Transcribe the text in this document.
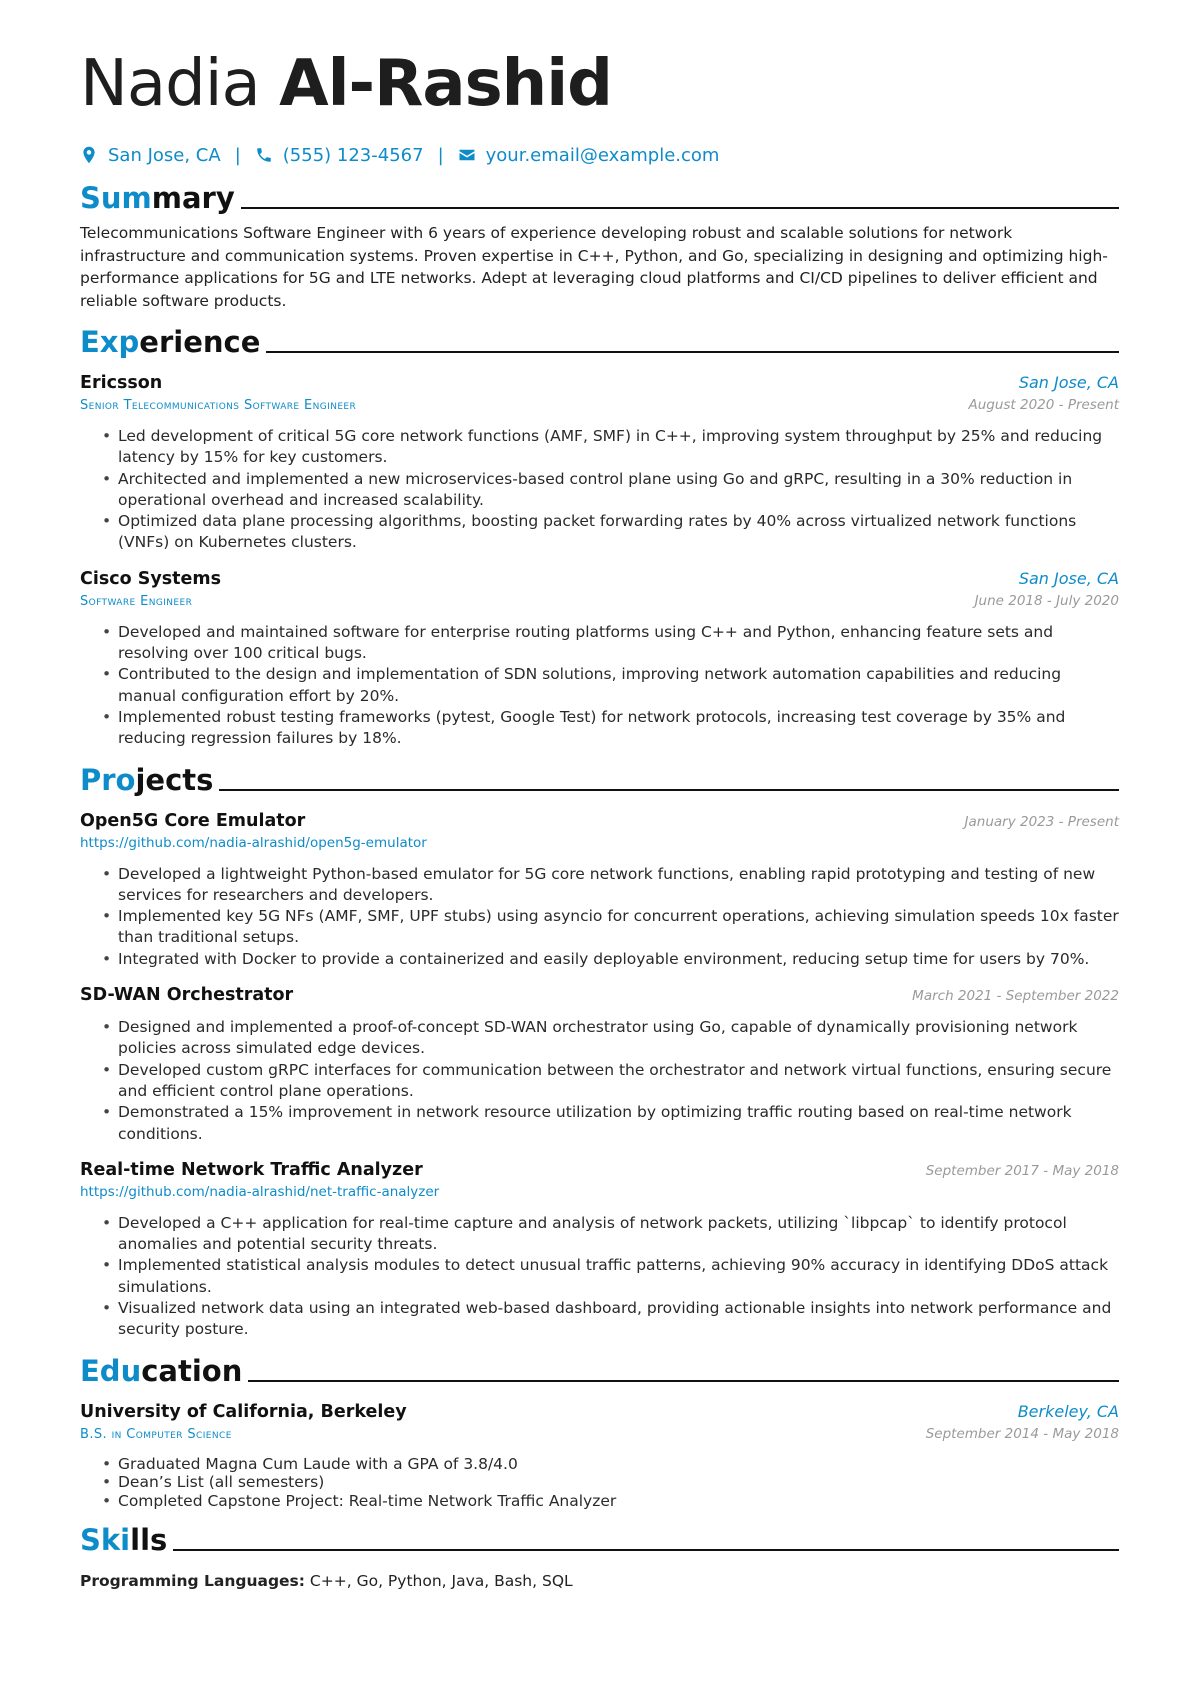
Nadia Al-Rashid
San Jose, CA | (555) 123-4567 | your.email@example.com
Summary
Telecommunications Software Engineer with 6 years of experience developing robust and scalable solutions for network infrastructure and communication systems. Proven expertise in C++, Python, and Go, specializing in designing and optimizing high-performance applications for 5G and LTE networks. Adept at leveraging cloud platforms and CI/CD pipelines to deliver efficient and reliable software products.
Experience
Ericsson	San Jose, CA
Senior Telecommunications Software Engineer	August 2020 - Present
• Led development of critical 5G core network functions (AMF, SMF) in C++, improving system throughput by 25% and reducing latency by 15% for key customers.
• Architected and implemented a new microservices-based control plane using Go and gRPC, resulting in a 30% reduction in operational overhead and increased scalability.
• Optimized data plane processing algorithms, boosting packet forwarding rates by 40% across virtualized network functions (VNFs) on Kubernetes clusters.
Cisco Systems	San Jose, CA
Software Engineer	June 2018 - July 2020
• Developed and maintained software for enterprise routing platforms using C++ and Python, enhancing feature sets and resolving over 100 critical bugs.
• Contributed to the design and implementation of SDN solutions, improving network automation capabilities and reducing manual configuration effort by 20%.
• Implemented robust testing frameworks (pytest, Google Test) for network protocols, increasing test coverage by 35% and reducing regression failures by 18%.
Projects
Open5G Core Emulator	January 2023 - Present
https://github.com/nadia-alrashid/open5g-emulator
• Developed a lightweight Python-based emulator for 5G core network functions, enabling rapid prototyping and testing of new services for researchers and developers.
• Implemented key 5G NFs (AMF, SMF, UPF stubs) using asyncio for concurrent operations, achieving simulation speeds 10x faster than traditional setups.
• Integrated with Docker to provide a containerized and easily deployable environment, reducing setup time for users by 70%.
SD-WAN Orchestrator	March 2021 - September 2022
• Designed and implemented a proof-of-concept SD-WAN orchestrator using Go, capable of dynamically provisioning network policies across simulated edge devices.
• Developed custom gRPC interfaces for communication between the orchestrator and network virtual functions, ensuring secure and efficient control plane operations.
• Demonstrated a 15% improvement in network resource utilization by optimizing traffic routing based on real-time network conditions.
Real-time Network Traffic Analyzer	September 2017 - May 2018
https://github.com/nadia-alrashid/net-traffic-analyzer
• Developed a C++ application for real-time capture and analysis of network packets, utilizing `libpcap` to identify protocol anomalies and potential security threats.
• Implemented statistical analysis modules to detect unusual traffic patterns, achieving 90% accuracy in identifying DDoS attack simulations.
• Visualized network data using an integrated web-based dashboard, providing actionable insights into network performance and security posture.
Education
University of California, Berkeley	Berkeley, CA
B.S. in Computer Science	September 2014 - May 2018
• Graduated Magna Cum Laude with a GPA of 3.8/4.0
• Dean’s List (all semesters)
• Completed Capstone Project: Real-time Network Traffic Analyzer
Skills
Programming Languages: C++, Go, Python, Java, Bash, SQL
